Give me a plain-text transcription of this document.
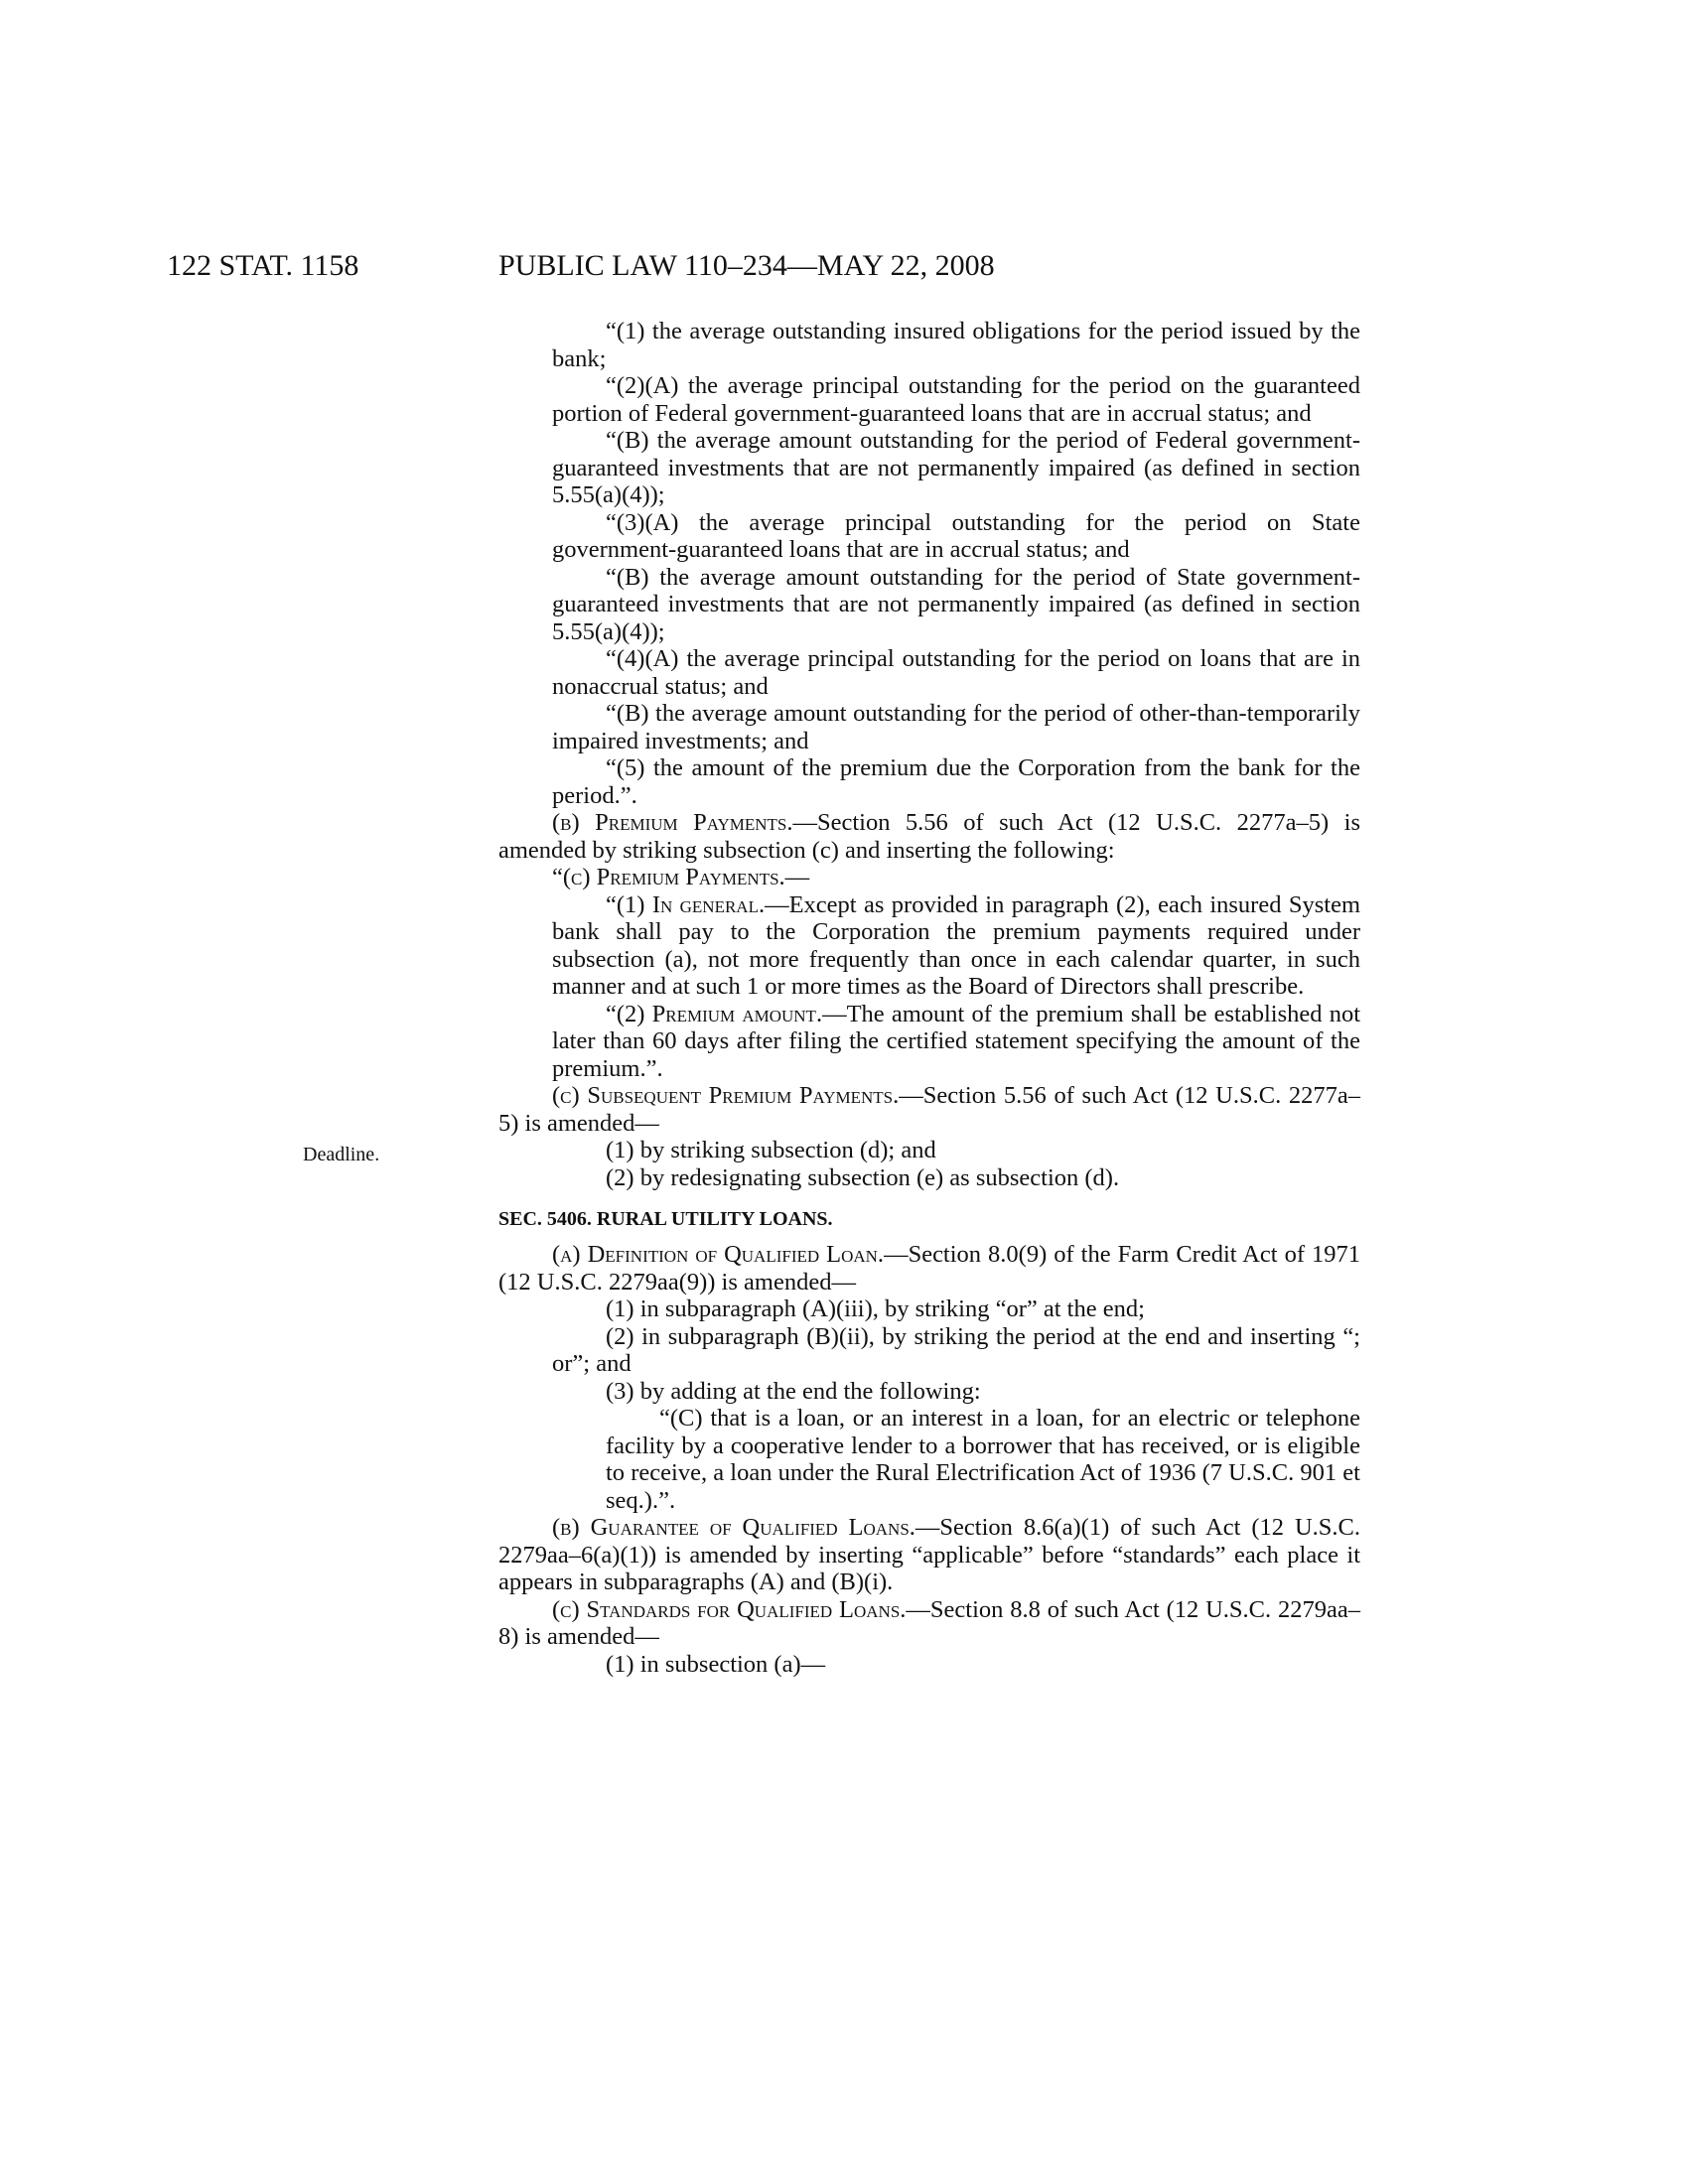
122 STAT. 1158	PUBLIC LAW 110–234—MAY 22, 2008
Deadline.

“(1) the average outstanding insured obligations for the period issued by the bank;

“(2)(A) the average principal outstanding for the period on the guaranteed portion of Federal government-guaranteed loans that are in accrual status; and

“(B) the average amount outstanding for the period of Federal government-guaranteed investments that are not permanently impaired (as defined in section 5.55(a)(4));

“(3)(A) the average principal outstanding for the period on State government-guaranteed loans that are in accrual status; and

“(B) the average amount outstanding for the period of State government-guaranteed investments that are not permanently impaired (as defined in section 5.55(a)(4));

“(4)(A) the average principal outstanding for the period on loans that are in nonaccrual status; and

“(B) the average amount outstanding for the period of other-than-temporarily impaired investments; and

“(5) the amount of the premium due the Corporation from the bank for the period.”.

(b) Premium Payments.—Section 5.56 of such Act (12 U.S.C. 2277a–5) is amended by striking subsection (c) and inserting the following:

“(c) Premium Payments.—

“(1) In general.—Except as provided in paragraph (2), each insured System bank shall pay to the Corporation the premium payments required under subsection (a), not more frequently than once in each calendar quarter, in such manner and at such 1 or more times as the Board of Directors shall prescribe.

“(2) Premium amount.—The amount of the premium shall be established not later than 60 days after filing the certified statement specifying the amount of the premium.”.

(c) Subsequent Premium Payments.—Section 5.56 of such Act (12 U.S.C. 2277a–5) is amended—

(1) by striking subsection (d); and

(2) by redesignating subsection (e) as subsection (d).

SEC. 5406. RURAL UTILITY LOANS.

(a) Definition of Qualified Loan.—Section 8.0(9) of the Farm Credit Act of 1971 (12 U.S.C. 2279aa(9)) is amended—

(1) in subparagraph (A)(iii), by striking “or” at the end;

(2) in subparagraph (B)(ii), by striking the period at the end and inserting “; or”; and

(3) by adding at the end the following:

“(C) that is a loan, or an interest in a loan, for an electric or telephone facility by a cooperative lender to a borrower that has received, or is eligible to receive, a loan under the Rural Electrification Act of 1936 (7 U.S.C. 901 et seq.).”.

(b) Guarantee of Qualified Loans.—Section 8.6(a)(1) of such Act (12 U.S.C. 2279aa–6(a)(1)) is amended by inserting “applicable” before “standards” each place it appears in subparagraphs (A) and (B)(i).

(c) Standards for Qualified Loans.—Section 8.8 of such Act (12 U.S.C. 2279aa–8) is amended—

(1) in subsection (a)—
